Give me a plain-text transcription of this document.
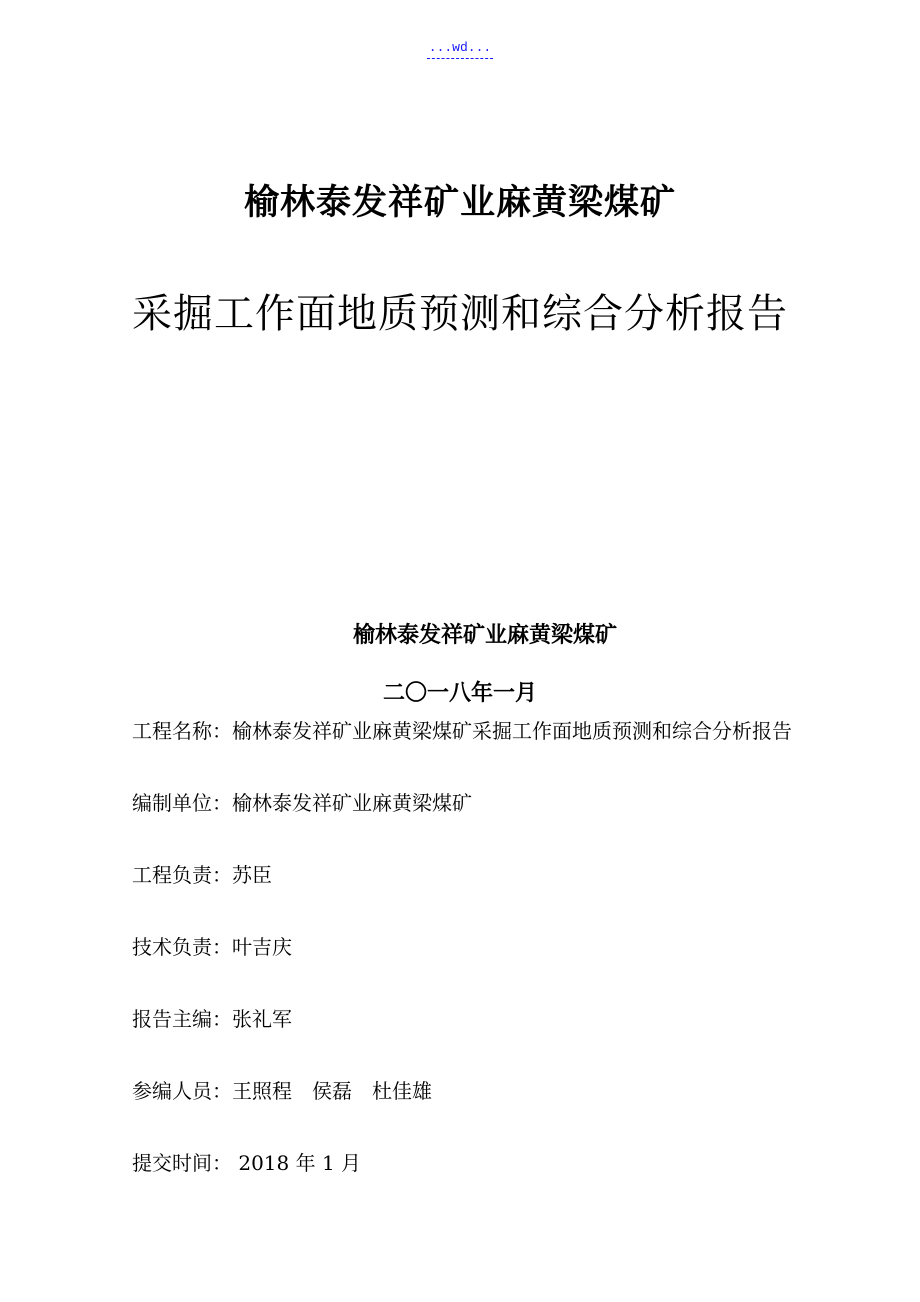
...wd...
榆林泰发祥矿业麻黄梁煤矿
采掘工作面地质预测和综合分析报告
榆林泰发祥矿业麻黄梁煤矿
二〇一八年一月
工程名称：榆林泰发祥矿业麻黄梁煤矿采掘工作面地质预测和综合分析报告
编制单位：榆林泰发祥矿业麻黄梁煤矿
工程负责：苏臣
技术负责：叶吉庆
报告主编：张礼军
参编人员：王照程　侯磊　杜佳雄
提交时间： 2018 年 1 月
